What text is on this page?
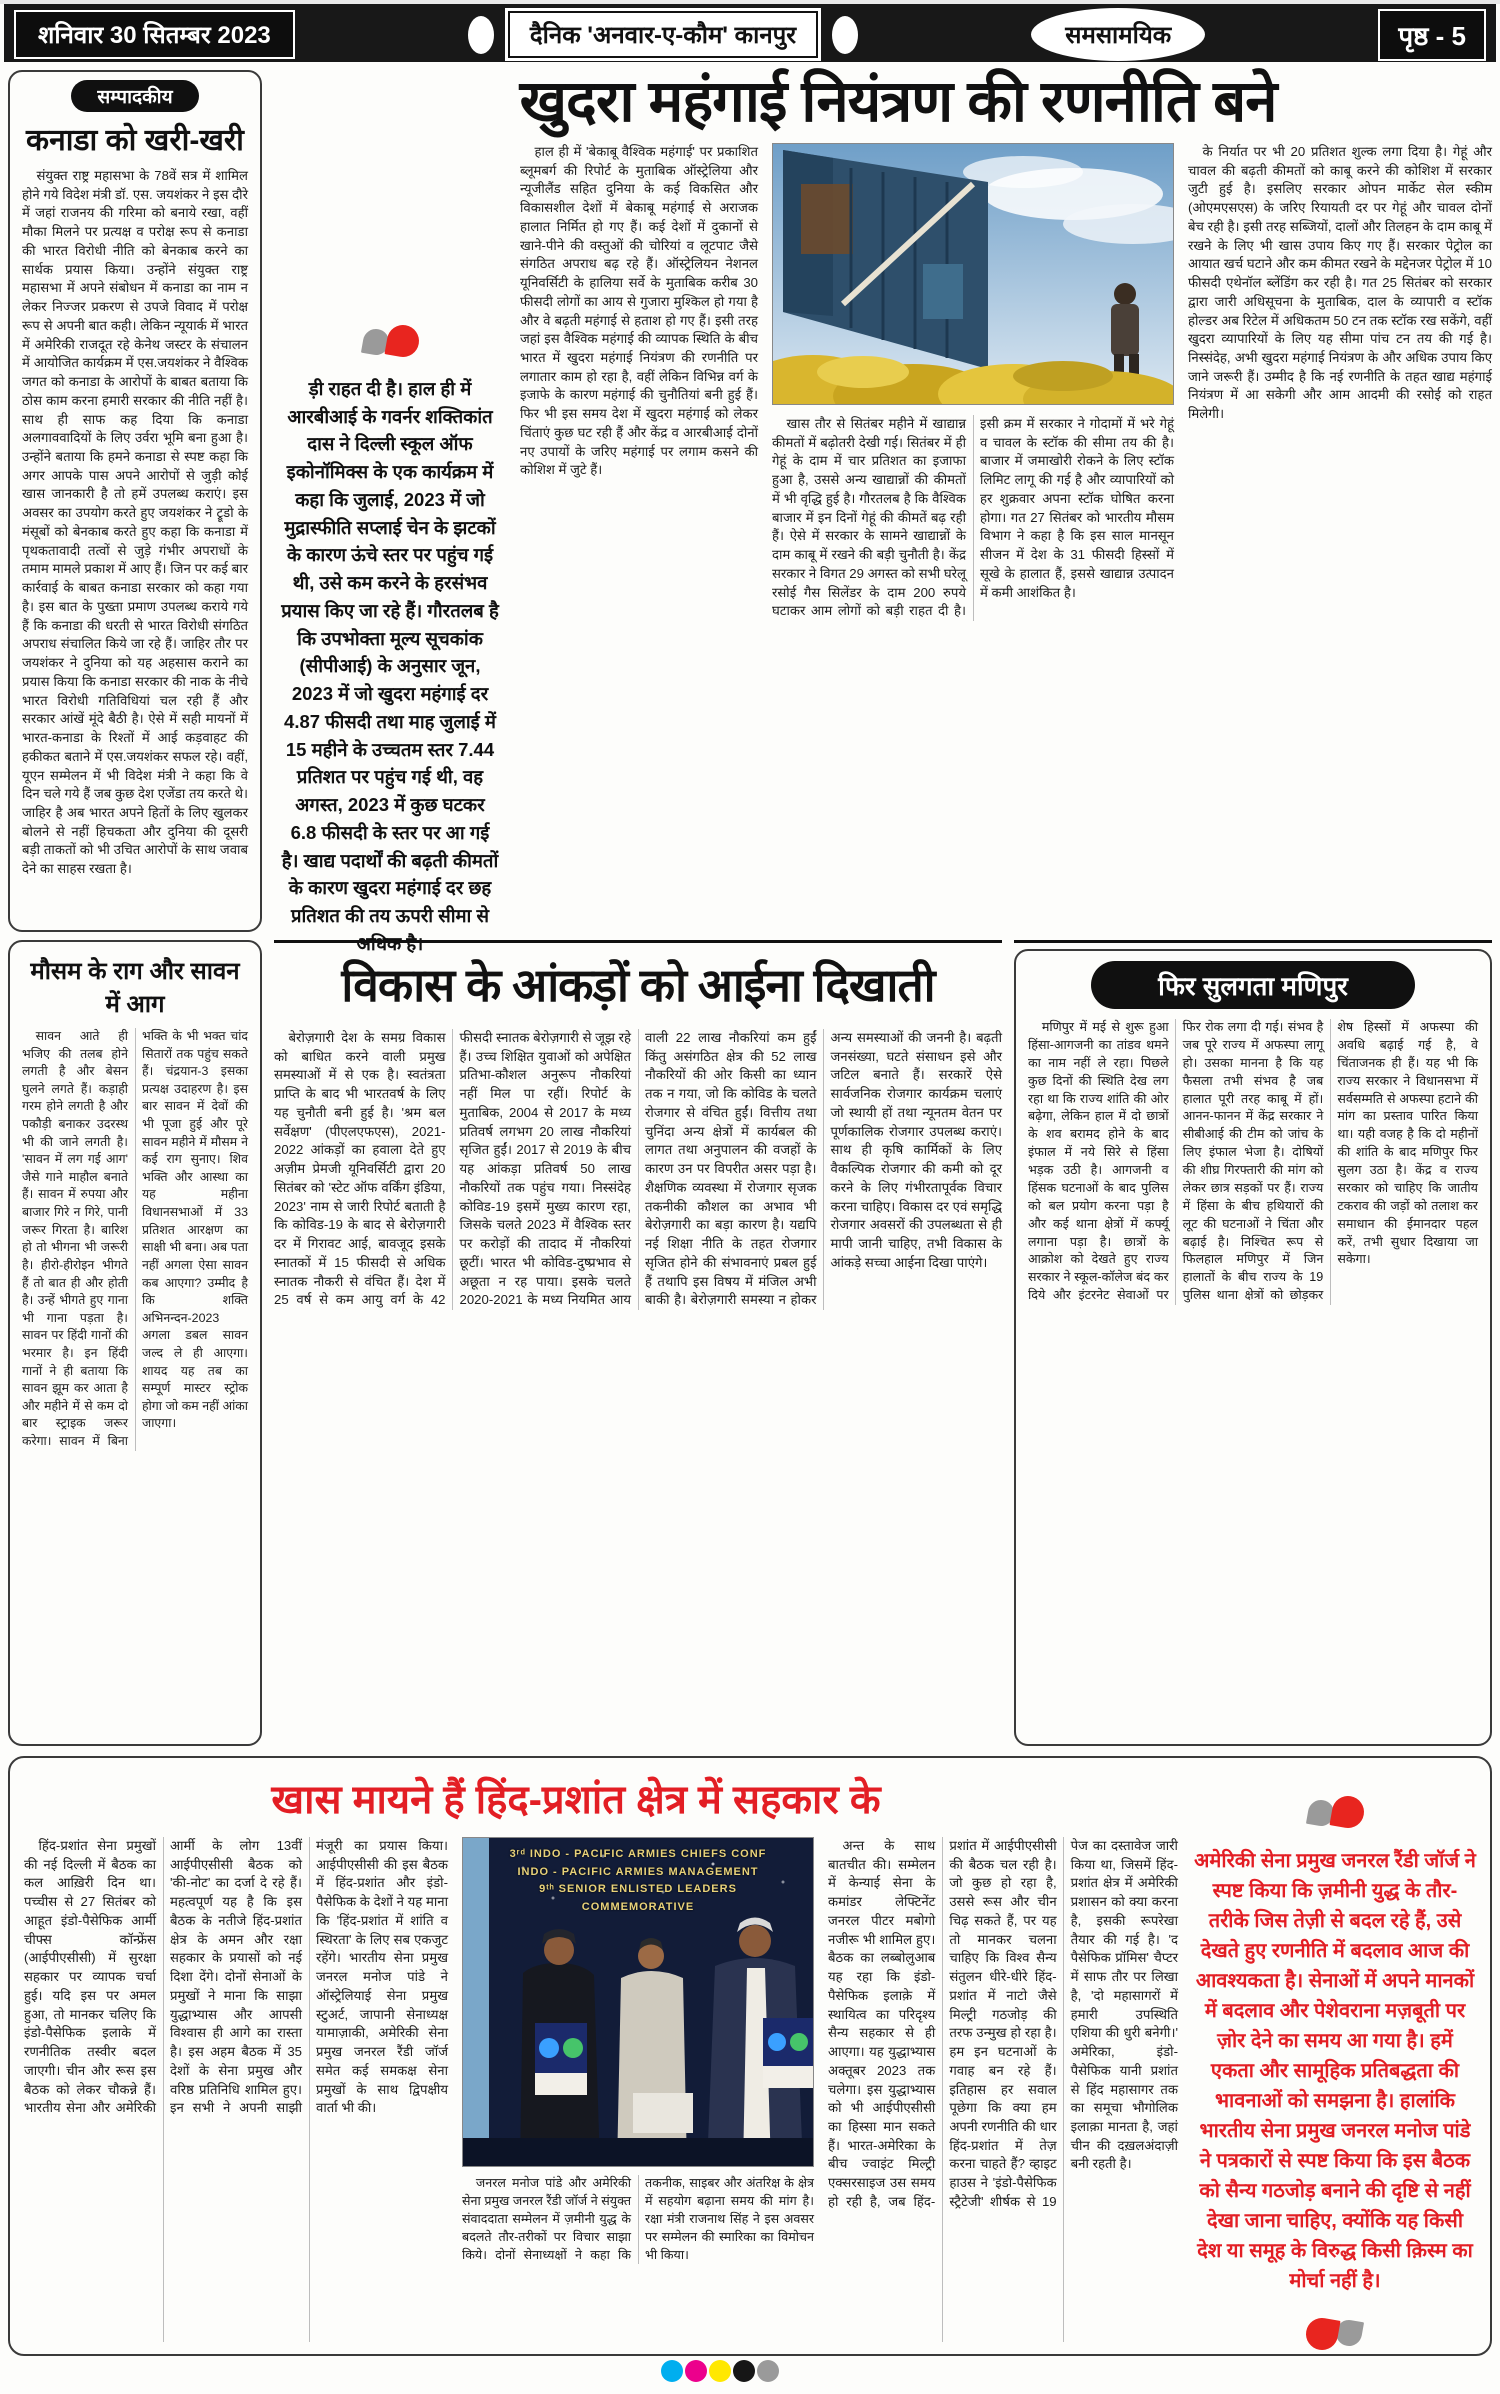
शनिवार 30 सितम्बर 2023	दैनिक 'अनवार-ए-कौम' कानपुर	समसामयिक	पृष्ठ - 5
सम्पादकीय
कनाडा को खरी-खरी
संयुक्त राष्ट्र महासभा के 78वें सत्र में शामिल होने गये विदेश मंत्री डॉ. एस. जयशंकर ने इस दौरे में जहां राजनय की गरिमा को बनाये रखा, वहीं मौका मिलने पर प्रत्यक्ष व परोक्ष रूप से कनाडा की भारत विरोधी नीति को बेनकाब करने का सार्थक प्रयास किया। उन्होंने संयुक्त राष्ट्र महासभा में अपने संबोधन में कनाडा का नाम न लेकर निज्जर प्रकरण से उपजे विवाद में परोक्ष रूप से अपनी बात कही। लेकिन न्यूयार्क में भारत में अमेरिकी राजदूत रहे केनेथ जस्टर के संचालन में आयोजित कार्यक्रम में एस.जयशंकर ने वैश्विक जगत को कनाडा के आरोपों के बाबत बताया कि ठोस काम करना हमारी सरकार की नीति नहीं है। साथ ही साफ कह दिया कि कनाडा अलगाववादियों के लिए उर्वरा भूमि बना हुआ है। उन्होंने बताया कि हमने कनाडा से स्पष्ट कहा कि अगर आपके पास अपने आरोपों से जुड़ी कोई खास जानकारी है तो हमें उपलब्ध कराएं। इस अवसर का उपयोग करते हुए जयशंकर ने ट्रूडो के मंसूबों को बेनकाब करते हुए कहा कि कनाडा में पृथकतावादी तत्वों से जुड़े गंभीर अपराधों के तमाम मामले प्रकाश में आए हैं। जिन पर कई बार कार्रवाई के बाबत कनाडा सरकार को कहा गया है। इस बात के पुख्ता प्रमाण उपलब्ध कराये गये हैं कि कनाडा की धरती से भारत विरोधी संगठित अपराध संचालित किये जा रहे हैं। जाहिर तौर पर जयशंकर ने दुनिया को यह अहसास कराने का प्रयास किया कि कनाडा सरकार की नाक के नीचे भारत विरोधी गतिविधियां चल रही हैं और सरकार आंखें मूंदे बैठी है। ऐसे में सही मायनों में भारत-कनाडा के रिश्तों में आई कड़वाहट की हकीकत बताने में एस.जयशंकर सफल रहे। वहीं, यूएन सम्मेलन में भी विदेश मंत्री ने कहा कि वे दिन चले गये हैं जब कुछ देश एजेंडा तय करते थे। जाहिर है अब भारत अपने हितों के लिए खुलकर बोलने से नहीं हिचकता और दुनिया की दूसरी बड़ी ताकतों को भी उचित आरोपों के साथ जवाब देने का साहस रखता है।
खुदरा महंगाई नियंत्रण की रणनीति बने
ड़ी राहत दी है। हाल ही में आरबीआई के गवर्नर शक्तिकांत दास ने दिल्ली स्कूल ऑफ इकोनॉमिक्स के एक कार्यक्रम में कहा कि जुलाई, 2023 में जो मुद्रास्फीति सप्लाई चेन के झटकों के कारण ऊंचे स्तर पर पहुंच गई थी, उसे कम करने के हरसंभव प्रयास किए जा रहे हैं। गौरतलब है कि उपभोक्ता मूल्य सूचकांक (सीपीआई) के अनुसार जून, 2023 में जो खुदरा महंगाई दर 4.87 फीसदी तथा माह जुलाई में 15 महीने के उच्चतम स्तर 7.44 प्रतिशत पर पहुंच गई थी, वह अगस्त, 2023 में कुछ घटकर 6.8 फीसदी के स्तर पर आ गई है। खाद्य पदार्थों की बढ़ती कीमतों के कारण खुदरा महंगाई दर छह प्रतिशत की तय ऊपरी सीमा से अधिक है।
हाल ही में 'बेकाबू वैश्विक महंगाई' पर प्रकाशित ब्लूमबर्ग की रिपोर्ट के मुताबिक ऑस्ट्रेलिया और न्यूजीलैंड सहित दुनिया के कई विकसित और विकासशील देशों में बेकाबू महंगाई से अराजक हालात निर्मित हो गए हैं। कई देशों में दुकानों से खाने-पीने की वस्तुओं की चोरियां व लूटपाट जैसे संगठित अपराध बढ़ रहे हैं। ऑस्ट्रेलियन नेशनल यूनिवर्सिटी के हालिया सर्वे के मुताबिक करीब 30 फीसदी लोगों का आय से गुजारा मुश्किल हो गया है और वे बढ़ती महंगाई से हताश हो गए हैं। इसी तरह जहां इस वैश्विक महंगाई की व्यापक स्थिति के बीच भारत में खुदरा महंगाई नियंत्रण की रणनीति पर लगातार काम हो रहा है, वहीं लेकिन विभिन्न वर्ग के इजाफे के कारण महंगाई की चुनौतियां बनी हुई हैं। फिर भी इस समय देश में खुदरा महंगाई को लेकर चिंताएं कुछ घट रही हैं और केंद्र व आरबीआई दोनों नए उपायों के जरिए महंगाई पर लगाम कसने की कोशिश में जुटे हैं।
खास तौर से सितंबर महीने में खाद्यान्न कीमतों में बढ़ोतरी देखी गई। सितंबर में ही गेहूं के दाम में चार प्रतिशत का इजाफा हुआ है, उससे अन्य खाद्यान्नों की कीमतों में भी वृद्धि हुई है। गौरतलब है कि वैश्विक बाजार में इन दिनों गेहूं की कीमतें बढ़ रही हैं। ऐसे में सरकार के सामने खाद्यान्नों के दाम काबू में रखने की बड़ी चुनौती है। केंद्र सरकार ने विगत 29 अगस्त को सभी घरेलू रसोई गैस सिलेंडर के दाम 200 रुपये घटाकर आम लोगों को बड़ी राहत दी है। इसी क्रम में सरकार ने गोदामों में भरे गेहूं व चावल के स्टॉक की सीमा तय की है। बाजार में जमाखोरी रोकने के लिए स्टॉक लिमिट लागू की गई है और व्यापारियों को हर शुक्रवार अपना स्टॉक घोषित करना होगा। गत 27 सितंबर को भारतीय मौसम विभाग ने कहा है कि इस साल मानसून सीजन में देश के 31 फीसदी हिस्सों में सूखे के हालात हैं, इससे खाद्यान्न उत्पादन में कमी आशंकित है।
के निर्यात पर भी 20 प्रतिशत शुल्क लगा दिया है। गेहूं और चावल की बढ़ती कीमतों को काबू करने की कोशिश में सरकार जुटी हुई है। इसलिए सरकार ओपन मार्केट सेल स्कीम (ओएमएसएस) के जरिए रियायती दर पर गेहूं और चावल दोनों बेच रही है। इसी तरह सब्जियों, दालों और तिलहन के दाम काबू में रखने के लिए भी खास उपाय किए गए हैं। सरकार पेट्रोल का आयात खर्च घटाने और कम कीमत रखने के मद्देनजर पेट्रोल में 10 फीसदी एथेनॉल ब्लेंडिंग कर रही है। गत 25 सितंबर को सरकार द्वारा जारी अधिसूचना के मुताबिक, दाल के व्यापारी व स्टॉक होल्डर अब रिटेल में अधिकतम 50 टन तक स्टॉक रख सकेंगे, वहीं खुदरा व्यापारियों के लिए यह सीमा पांच टन तय की गई है। निस्संदेह, अभी खुदरा महंगाई नियंत्रण के और अधिक उपाय किए जाने जरूरी हैं। उम्मीद है कि नई रणनीति के तहत खाद्य महंगाई नियंत्रण में आ सकेगी और आम आदमी की रसोई को राहत मिलेगी।
मौसम के राग और सावन में आग
सावन आते ही भजिए की तलब होने लगती है और बेसन घुलने लगते हैं। कड़ाही गरम होने लगती है और पकौड़ी बनाकर उदरस्थ भी की जाने लगती है। 'सावन में लग गई आग' जैसे गाने माहौल बनाते हैं। सावन में रुपया और बाजार गिरे न गिरे, पानी जरूर गिरता है। बारिश हो तो भीगना भी जरूरी है। हीरो-हीरोइन भीगते हैं तो बात ही और होती है। उन्हें भीगते हुए गाना भी गाना पड़ता है। सावन पर हिंदी गानों की भरमार है। इन हिंदी गानों ने ही बताया कि सावन झूम कर आता है और महीने में से कम दो बार स्ट्राइक जरूर करेगा। सावन में बिना भक्ति के भी भक्त चांद सितारों तक पहुंच सकते हैं। चंद्रयान-3 इसका प्रत्यक्ष उदाहरण है। इस बार सावन में देवों की भी पूजा हुई और पूरे सावन महीने में मौसम ने कई राग सुनाए। शिव भक्ति और आस्था का यह महीना विधानसभाओं में 33 प्रतिशत आरक्षण का साक्षी भी बना। अब पता नहीं अगला ऐसा सावन कब आएगा? उम्मीद है कि शक्ति अभिनन्दन-2023 अगला डबल सावन जल्द ले ही आएगा। शायद यह तब का सम्पूर्ण मास्टर स्ट्रोक होगा जो कम नहीं आंका जाएगा।
विकास के आंकड़ों को आईना दिखाती
बेरोज़गारी देश के समग्र विकास को बाधित करने वाली प्रमुख समस्याओं में से एक है। स्वतंत्रता प्राप्ति के बाद भी भारतवर्ष के लिए यह चुनौती बनी हुई है। 'श्रम बल सर्वेक्षण' (पीएलएफएस), 2021-2022 आंकड़ों का हवाला देते हुए अज़ीम प्रेमजी यूनिवर्सिटी द्वारा 20 सितंबर को 'स्टेट ऑफ वर्किंग इंडिया, 2023' नाम से जारी रिपोर्ट बताती है कि कोविड-19 के बाद से बेरोज़गारी दर में गिरावट आई, बावजूद इसके स्नातकों में 15 फीसदी से अधिक स्नातक नौकरी से वंचित हैं। देश में 25 वर्ष से कम आयु वर्ग के 42 फीसदी स्नातक बेरोज़गारी से जूझ रहे हैं। उच्च शिक्षित युवाओं को अपेक्षित प्रतिभा-कौशल अनुरूप नौकरियां नहीं मिल पा रहीं। रिपोर्ट के मुताबिक, 2004 से 2017 के मध्य प्रतिवर्ष लगभग 20 लाख नौकरियां सृजित हुईं। 2017 से 2019 के बीच यह आंकड़ा प्रतिवर्ष 50 लाख नौकरियों तक पहुंच गया। निस्संदेह कोविड-19 इसमें मुख्य कारण रहा, जिसके चलते 2023 में वैश्विक स्तर पर करोड़ों की तादाद में नौकरियां छूटीं। भारत भी कोविड-दुष्प्रभाव से अछूता न रह पाया। इसके चलते 2020-2021 के मध्य नियमित आय वाली 22 लाख नौकरियां कम हुईं किंतु असंगठित क्षेत्र की 52 लाख नौकरियों की ओर किसी का ध्यान तक न गया, जो कि कोविड के चलते रोजगार से वंचित हुईं। वित्तीय तथा चुनिंदा अन्य क्षेत्रों में कार्यबल की लागत तथा अनुपालन की वजहों के कारण उन पर विपरीत असर पड़ा है। शैक्षणिक व्यवस्था में रोजगार सृजक तकनीकी कौशल का अभाव भी बेरोज़गारी का बड़ा कारण है। यद्यपि नई शिक्षा नीति के तहत रोजगार सृजित होने की संभावनाएं प्रबल हुई हैं तथापि इस विषय में मंजिल अभी बाकी है। बेरोज़गारी समस्या न होकर अन्य समस्याओं की जननी है। बढ़ती जनसंख्या, घटते संसाधन इसे और जटिल बनाते हैं। सरकारें ऐसे सार्वजनिक रोजगार कार्यक्रम चलाएं जो स्थायी हों तथा न्यूनतम वेतन पर पूर्णकालिक रोजगार उपलब्ध कराएं। साथ ही कृषि कार्मिकों के लिए वैकल्पिक रोजगार की कमी को दूर करने के लिए गंभीरतापूर्वक विचार करना चाहिए। विकास दर एवं समृद्धि रोजगार अवसरों की उपलब्धता से ही मापी जानी चाहिए, तभी विकास के आंकड़े सच्चा आईना दिखा पाएंगे।
फिर सुलगता मणिपुर
मणिपुर में मई से शुरू हुआ हिंसा-आगजनी का तांडव थमने का नाम नहीं ले रहा। पिछले कुछ दिनों की स्थिति देख लग रहा था कि राज्य शांति की ओर बढ़ेगा, लेकिन हाल में दो छात्रों के शव बरामद होने के बाद इंफाल में नये सिरे से हिंसा भड़क उठी है। आगजनी व हिंसक घटनाओं के बाद पुलिस को बल प्रयोग करना पड़ा है और कई थाना क्षेत्रों में कर्फ्यू लगाना पड़ा है। छात्रों के आक्रोश को देखते हुए राज्य सरकार ने स्कूल-कॉलेज बंद कर दिये और इंटरनेट सेवाओं पर फिर रोक लगा दी गई। संभव है जब पूरे राज्य में अफस्पा लागू हो। उसका मानना है कि यह फैसला तभी संभव है जब हालात पूरी तरह काबू में हों। आनन-फानन में केंद्र सरकार ने सीबीआई की टीम को जांच के लिए इंफाल भेजा है। दोषियों की शीघ्र गिरफ्तारी की मांग को लेकर छात्र सड़कों पर हैं। राज्य में हिंसा के बीच हथियारों की लूट की घटनाओं ने चिंता और बढ़ाई है। निश्चित रूप से फिलहाल मणिपुर में जिन हालातों के बीच राज्य के 19 पुलिस थाना क्षेत्रों को छोड़कर शेष हिस्सों में अफस्पा की अवधि बढ़ाई गई है, वे चिंताजनक ही हैं। यह भी कि राज्य सरकार ने विधानसभा में सर्वसम्मति से अफस्पा हटाने की मांग का प्रस्ताव पारित किया था। यही वजह है कि दो महीनों की शांति के बाद मणिपुर फिर सुलग उठा है। केंद्र व राज्य सरकार को चाहिए कि जातीय टकराव की जड़ों को तलाश कर समाधान की ईमानदार पहल करें, तभी सुधार दिखाया जा सकेगा।
खास मायने हैं हिंद-प्रशांत क्षेत्र में सहकार के
हिंद-प्रशांत सेना प्रमुखों की नई दिल्ली में बैठक का कल आख़िरी दिन था। पच्चीस से 27 सितंबर को आहूत इंडो-पैसेफिक आर्मी चीफ्स कॉन्फ्रेंस (आईपीएसीसी) में सुरक्षा सहकार पर व्यापक चर्चा हुई। यदि इस पर अमल हुआ, तो मानकर चलिए कि इंडो-पैसेफिक इलाके में रणनीतिक तस्वीर बदल जाएगी। चीन और रूस इस बैठक को लेकर चौकन्ने हैं। भारतीय सेना और अमेरिकी आर्मी के लोग 13वीं आईपीएसीसी बैठक को 'की-नोट' का दर्जा दे रहे हैं। महत्वपूर्ण यह है कि इस बैठक के नतीजे हिंद-प्रशांत क्षेत्र के अमन और रक्षा सहकार के प्रयासों को नई दिशा देंगे। दोनों सेनाओं के प्रमुखों ने माना कि साझा युद्धाभ्यास और आपसी विश्वास ही आगे का रास्ता है। इस अहम बैठक में 35 देशों के सेना प्रमुख और वरिष्ठ प्रतिनिधि शामिल हुए। इन सभी ने अपनी साझी मंजूरी का प्रयास किया। आईपीएसीसी की इस बैठक में हिंद-प्रशांत और इंडो-पैसेफिक के देशों ने यह माना कि 'हिंद-प्रशांत में शांति व स्थिरता' के लिए सब एकजुट रहेंगे। भारतीय सेना प्रमुख जनरल मनोज पांडे ने ऑस्ट्रेलियाई सेना प्रमुख स्टुअर्ट, जापानी सेनाध्यक्ष यामाज़ाकी, अमेरिकी सेना प्रमुख जनरल रैंडी जॉर्ज समेत कई समकक्ष सेना प्रमुखों के साथ द्विपक्षीय वार्ता भी की।
3ʳᵈ INDO - PACIFIC ARMIES CHIEFS CONF
INDO - PACIFIC ARMIES MANAGEMENT
9ᵗʰ SENIOR ENLISTED LEADERS
COMMEMORATIVE
जनरल मनोज पांडे और अमेरिकी सेना प्रमुख जनरल रैंडी जॉर्ज ने संयुक्त संवाददाता सम्मेलन में ज़मीनी युद्ध के बदलते तौर-तरीकों पर विचार साझा किये। दोनों सेनाध्यक्षों ने कहा कि तकनीक, साइबर और अंतरिक्ष के क्षेत्र में सहयोग बढ़ाना समय की मांग है। रक्षा मंत्री राजनाथ सिंह ने इस अवसर पर सम्मेलन की स्मारिका का विमोचन भी किया।
अन्त के साथ बातचीत की। सम्मेलन में केन्याई सेना के कमांडर लेफ्टिनेंट जनरल पीटर मबोगो नजीरू भी शामिल हुए। बैठक का लब्बोलुआब यह रहा कि इंडो-पैसेफिक इलाक़े में स्थायित्व का परिदृश्य सैन्य सहकार से ही आएगा। यह युद्धाभ्यास अक्तूबर 2023 तक चलेगा। इस युद्धाभ्यास को भी आईपीएसीसी का हिस्सा मान सकते हैं। भारत-अमेरिका के बीच ज्वाइंट मिल्ट्री एक्सरसाइज उस समय हो रही है, जब हिंद-प्रशांत में आईपीएसीसी की बैठक चल रही है। जो कुछ हो रहा है, उससे रूस और चीन चिढ़ सकते हैं, पर यह तो मानकर चलना चाहिए कि विश्व सैन्य संतुलन धीरे-धीरे हिंद-प्रशांत में नाटो जैसे मिल्ट्री गठजोड़ की तरफ उन्मुख हो रहा है। हम इन घटनाओं के गवाह बन रहे हैं। इतिहास हर सवाल पूछेगा कि क्या हम अपनी रणनीति की धार हिंद-प्रशांत में तेज़ करना चाहते हैं? व्हाइट हाउस ने 'इंडो-पैसेफिक स्ट्रैटेजी' शीर्षक से 19 पेज का दस्तावेज जारी किया था, जिसमें हिंद-प्रशांत क्षेत्र में अमेरिकी प्रशासन को क्या करना है, इसकी रूपरेखा तैयार की गई है। 'द पैसेफिक प्रॉमिस' चैप्टर में साफ तौर पर लिखा है, 'दो महासागरों में हमारी उपस्थिति एशिया की धुरी बनेगी।' अमेरिका, इंडो-पैसेफिक यानी प्रशांत से हिंद महासागर तक का समूचा भौगोलिक इलाक़ा मानता है, जहां चीन की दख़लअंदाज़ी बनी रहती है।
अमेरिकी सेना प्रमुख जनरल रैंडी जॉर्ज ने स्पष्ट किया कि ज़मीनी युद्ध के तौर-तरीके जिस तेज़ी से बदल रहे हैं, उसे देखते हुए रणनीति में बदलाव आज की आवश्यकता है। सेनाओं में अपने मानकों में बदलाव और पेशेवराना मज़बूती पर ज़ोर देने का समय आ गया है। हमें एकता और सामूहिक प्रतिबद्धता की भावनाओं को समझना है। हालांकि भारतीय सेना प्रमुख जनरल मनोज पांडे ने पत्रकारों से स्पष्ट किया कि इस बैठक को सैन्य गठजोड़ बनाने की दृष्टि से नहीं देखा जाना चाहिए, क्योंकि यह किसी देश या समूह के विरुद्ध किसी क़िस्म का मोर्चा नहीं है।
